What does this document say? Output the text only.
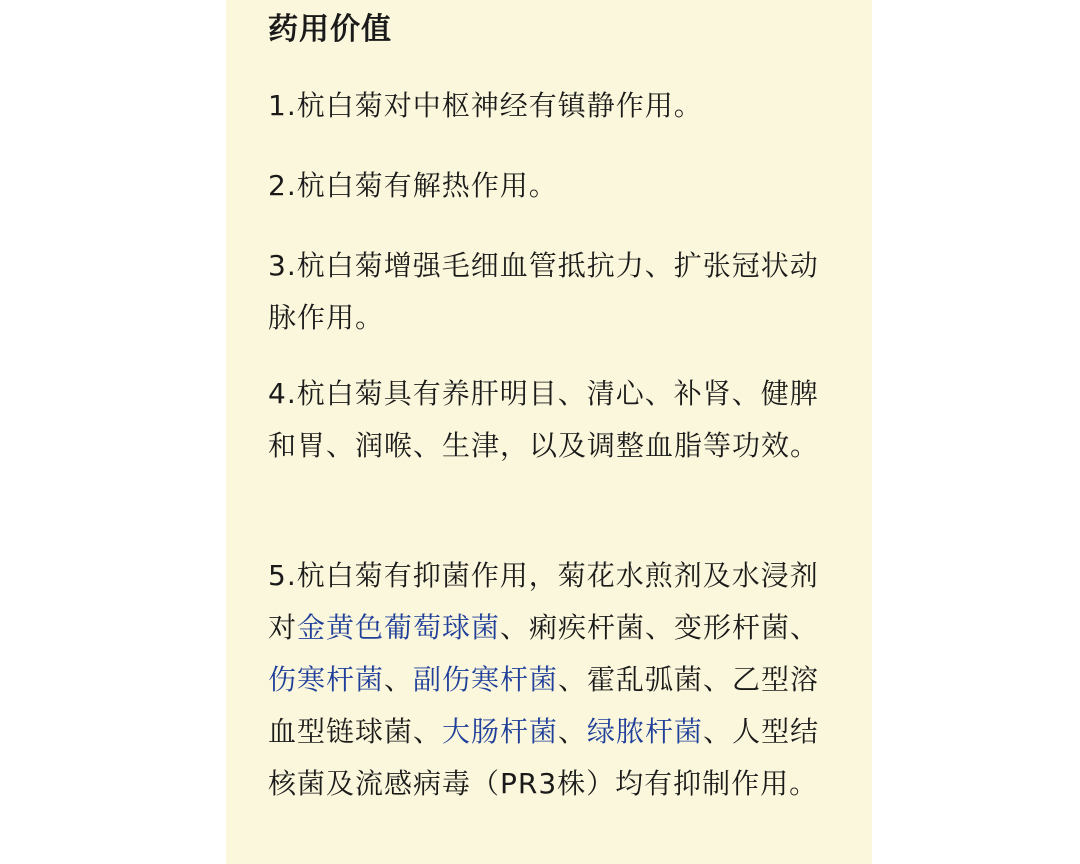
药用价值

1.杭白菊对中枢神经有镇静作用。

2.杭白菊有解热作用。

3.杭白菊增强毛细血管抵抗力、扩张冠状动脉作用。

4.杭白菊具有养肝明目、清心、补肾、健脾和胃、润喉、生津，以及调整血脂等功效。

5.杭白菊有抑菌作用，菊花水煎剂及水浸剂对金黄色葡萄球菌、痢疾杆菌、变形杆菌、伤寒杆菌、副伤寒杆菌、霍乱弧菌、乙型溶血型链球菌、大肠杆菌、绿脓杆菌、人型结核菌及流感病毒（PR3株）均有抑制作用。
